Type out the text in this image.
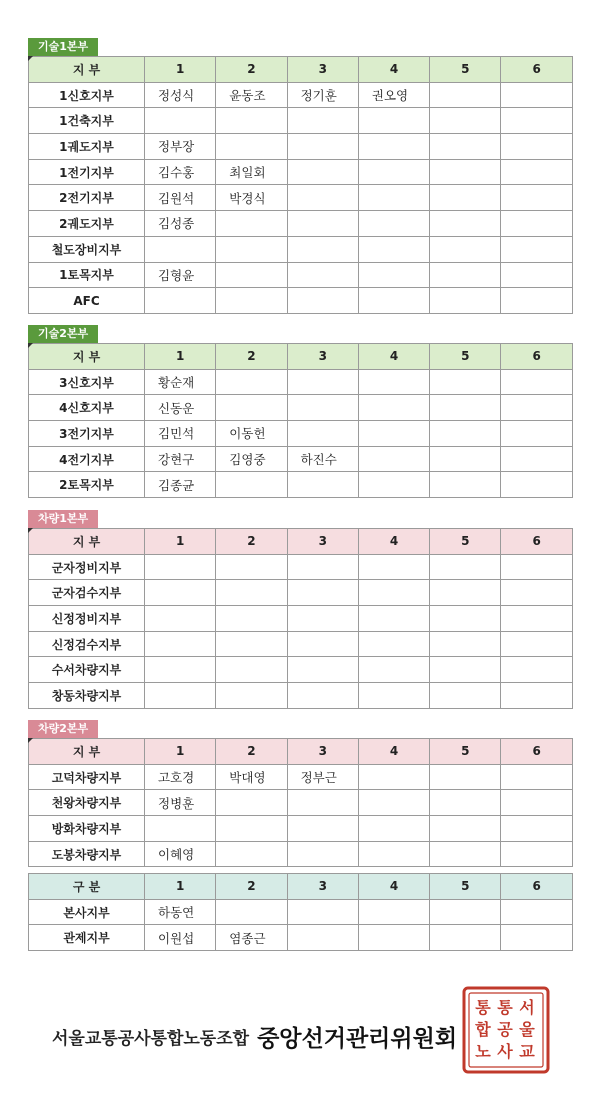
기술1본부
지 부	1	2	3	4	5	6
1신호지부	정성식	윤동조	정기훈	권오영		
1건축지부						
1궤도지부	정부장					
1전기지부	김수홍	최일회				
2전기지부	김원석	박경식				
2궤도지부	김성종					
철도장비지부						
1토목지부	김형윤					
AFC						
기술2본부
지 부	1	2	3	4	5	6
3신호지부	황순재					
4신호지부	신동운					
3전기지부	김민석	이동헌				
4전기지부	강현구	김영중	하진수			
2토목지부	김종균					
차량1본부
지 부	1	2	3	4	5	6
군자정비지부						
군자검수지부						
신정정비지부						
신정검수지부						
수서차량지부						
창동차량지부						
차량2본부
지 부	1	2	3	4	5	6
고덕차량지부	고호경	박대영	정부근			
천왕차량지부	정병훈					
방화차량지부						
도봉차량지부	이혜영					
구 분	1	2	3	4	5	6
본사지부	하동연					
관제지부	이원섭	염종근				
서울교통공사통합노동조합 중앙선거관리위원회
서
울
교
통
공
사
통
합
노
